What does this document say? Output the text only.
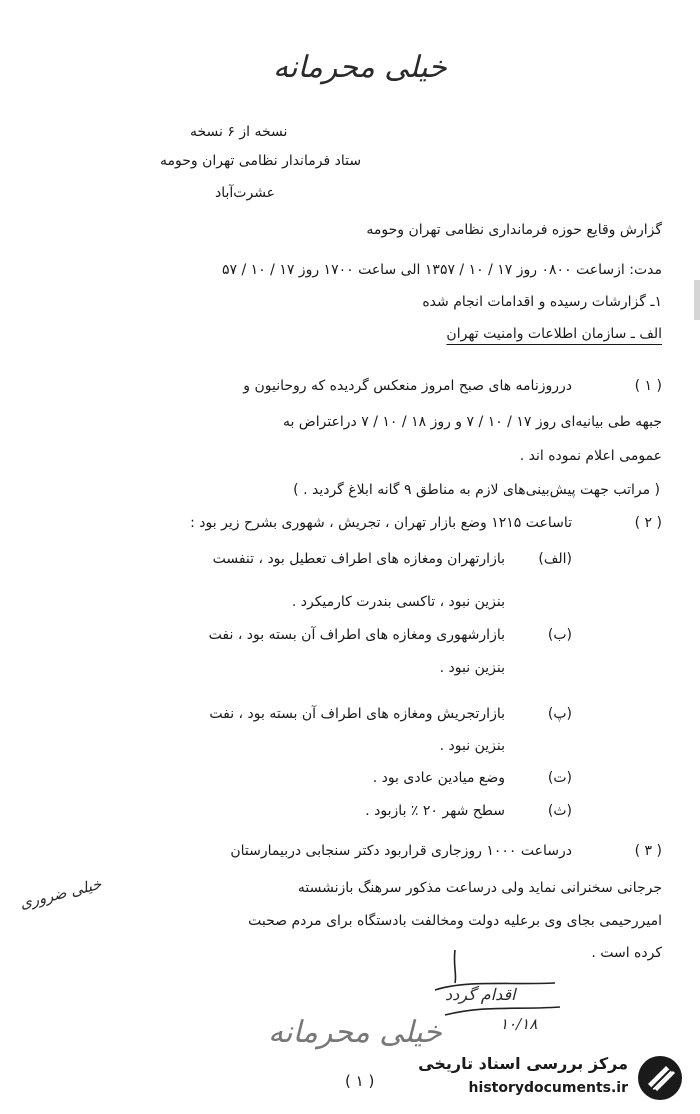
خیلی محرمانه
نسخه از ۶ نسخه
ستاد فرماندار نظامی تهران وحومه
عشرت‌آباد
گزارش وقایع حوزه فرمانداری نظامی تهران وحومه
مدت: ازساعت ۰۸۰۰ روز ۱۷ / ۱۰ / ۱۳۵۷ الی ساعت ۱۷۰۰ روز ۱۷ / ۱۰ / ۵۷
۱ـ گزارشات رسیده و اقدامات انجام شده
الف ـ سازمان اطلاعات وامنیت تهران
( ۱ )
درروزنامه های صبح امروز منعکس گردیده که روحانیون و
جبهه طی بیانیه‌ای روز ۱۷ / ۱۰ / ۷ و روز ۱۸ / ۱۰ / ۷ دراعتراض به
عمومی اعلام نموده اند .
( مراتب جهت پیش‌بینی‌های لازم به مناطق ۹ گانه ابلاغ گردید . )
( ۲ )
تاساعت ۱۲۱۵ وضع بازار تهران ، تجریش ، شهوری بشرح زیر بود :
(الف)
بازارتهران ومغازه های اطراف تعطیل بود ، تنفست
بنزین نبود ، تاکسی بندرت کارمیکرد .
(ب)
بازارشهوری ومغازه های اطراف آن بسته بود ، نفت
بنزین نبود .
(پ)
بازارتجریش ومغازه های اطراف آن بسته بود ، نفت
بنزین نبود .
(ت)
وضع میادین عادی بود .
(ث)
سطح شهر ۲۰ ٪ بازبود .
( ۳ )
درساعت ۱۰۰۰ روزجاری قراربود دکتر سنجابی دربیمارستان
جرجانی سخنرانی نماید ولی درساعت مذکور سرهنگ بازنشسته
امیررحیمی بجای وی برعلیه دولت ومخالفت بادستگاه برای مردم صحبت
کرده است .
خیلی ضروری
اقدام گردد
۱۰/۱۸
خیلی محرمانه
( ۱ )
مرکز بررسی اسناد تاریخی
historydocuments.ir
